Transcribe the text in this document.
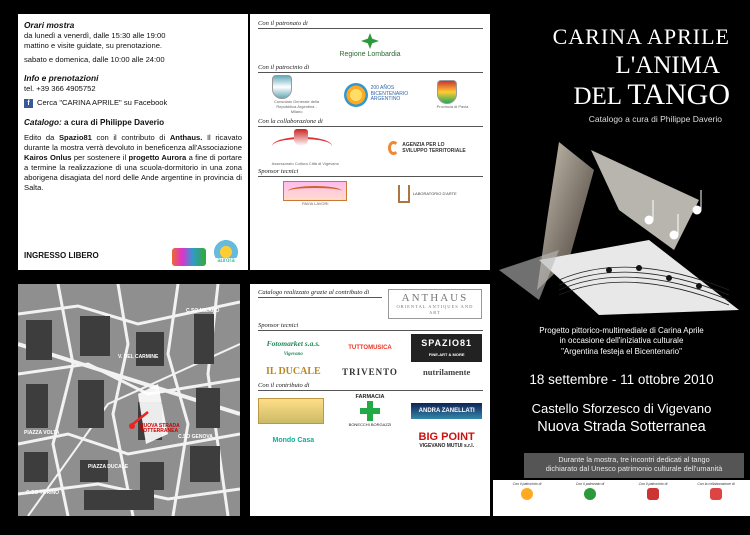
Orari mostra

da lunedì a venerdì, dalle 15:30 alle 19:00
mattino e visite guidate, su prenotazione.

sabato e domenica, dalle 10:00 alle 24:00

Info e prenotazioni

tel. +39 366 4905752

f Cerca "CARINA APRILE" su Facebook

Catalogo: a cura di Philippe Daverio

Edito da Spazio81 con il contributo di Anthaus. Il ricavato durante la mostra verrà devoluto in beneficenza all'Associazione Kairos Onlus per sostenere il progetto Aurora a fine di portare a termine la realizzazione di una scuola-dormitorio in una zona aborigena disagiata del nord delle Ande argentine in provincia di Salta.

INGRESSO LIBERO
aurora
Con il patronato di
Regione Lombardia
Con il patrocinio di
Consolato Generale della Repubblica Argentina - Milano
200 AÑOS BICENTENARIO ARGENTINO
Provincia di Pavia
Con la collaborazione di
Assessorato Cultura Città di Vigevano
AGENZIA PER LO SVILUPPO TERRITORIALE
Sponsor tecnici
PAVIA LAVORI
LABORATORIO D'ARTE
NUOVA STRADA SOTTERRANEA
PIAZZA DUCALE
C.SO MILANO
C.SO GENOVA
C.SO TORINO
PIAZZA VOLTA
V. DEL CARMINE
Catalogo realizzato grazie al contributo di	ANTHAUS
ORIENTAL ANTIQUES AND ART
Sponsor tecnici
Fotomarket s.a.s.
Vigevano
TUTTOMUSICA	SPAZIO81
FINE-ART & MORE
IL DUCALE	TRIVENTO	nutrilamente
Con il contributo di
FARMACIA
BONECCHI BORGAZZI
ANDRA ZANELLATI
Mondo Casa	BIG POINT
VIGEVANO MUTUI s.r.l.
CARINA APRILE
L'ANIMA
DEL TANGO
Catalogo a cura di Philippe Daverio
Progetto pittorico-multimediale di Carina Aprile
in occasione dell'iniziativa culturale
"Argentina festeja el Bicentenario"
18 settembre - 11 ottobre 2010
Castello Sforzesco di Vigevano
Nuova Strada Sotterranea
Durante la mostra, tre incontri dedicati al tango
dichiarato dal Unesco patrimonio culturale dell'umanità
Con il patrocinio di	Con il patronato di	Con il patrocinio di	Con la collaborazione di
